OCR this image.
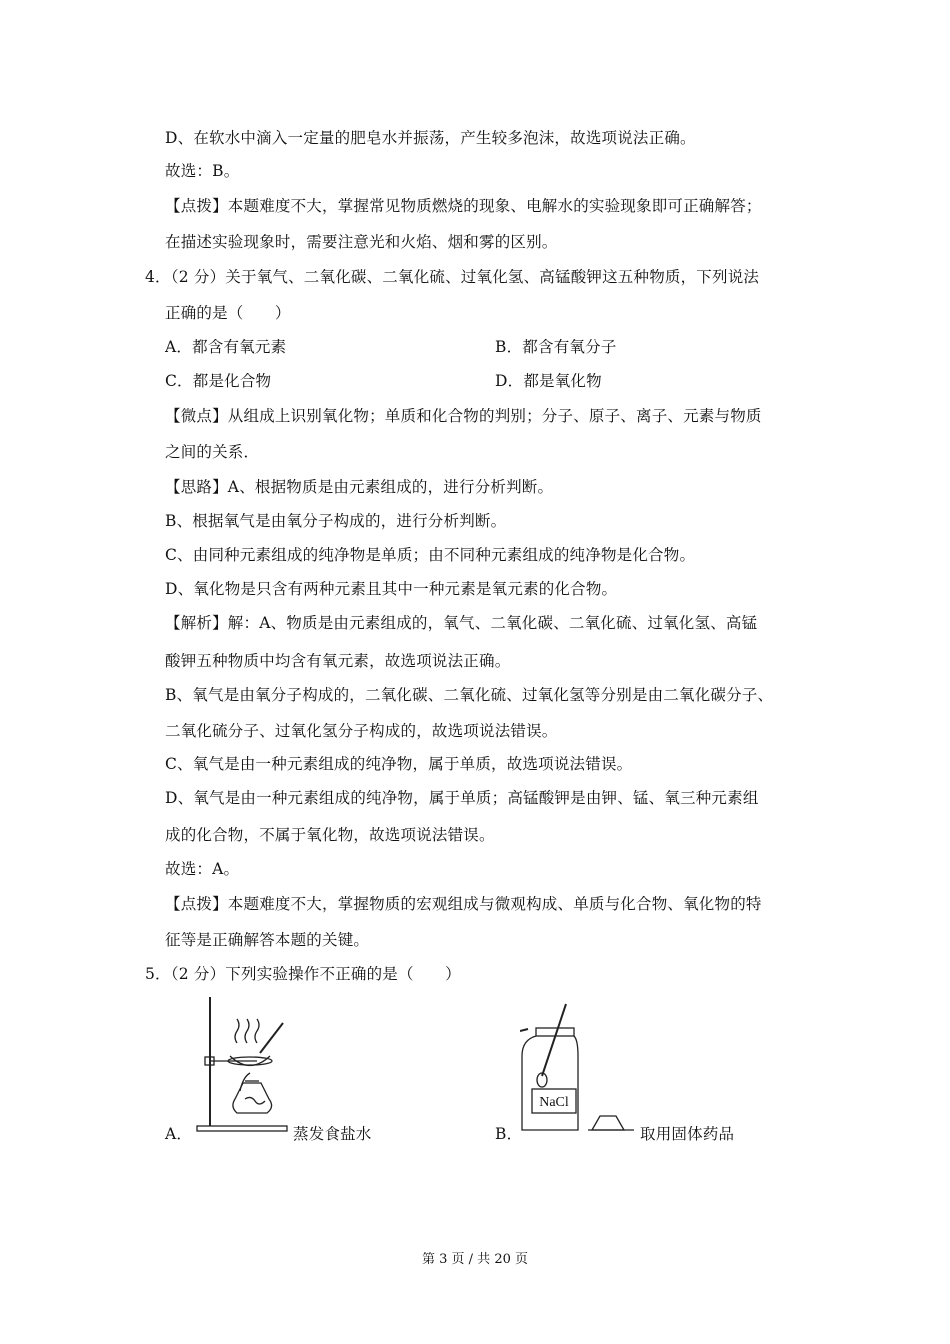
D、在软水中滴入一定量的肥皂水并振荡，产生较多泡沫，故选项说法正确。
故选：B。
【点拨】本题难度不大，掌握常见物质燃烧的现象、电解水的实验现象即可正确解答；
在描述实验现象时，需要注意光和火焰、烟和雾的区别。
4．（2 分）关于氧气、二氧化碳、二氧化硫、过氧化氢、高锰酸钾这五种物质，下列说法
正确的是（　　）
A．都含有氧元素	B．都含有氧分子
C．都是化合物	D．都是氧化物
【微点】从组成上识别氧化物；单质和化合物的判别；分子、原子、离子、元素与物质
之间的关系．
【思路】A、根据物质是由元素组成的，进行分析判断。
B、根据氧气是由氧分子构成的，进行分析判断。
C、由同种元素组成的纯净物是单质；由不同种元素组成的纯净物是化合物。
D、氧化物是只含有两种元素且其中一种元素是氧元素的化合物。
【解析】解：A、物质是由元素组成的，氧气、二氧化碳、二氧化硫、过氧化氢、高锰
酸钾五种物质中均含有氧元素，故选项说法正确。
B、氧气是由氧分子构成的，二氧化碳、二氧化硫、过氧化氢等分别是由二氧化碳分子、
二氧化硫分子、过氧化氢分子构成的，故选项说法错误。
C、氧气是由一种元素组成的纯净物，属于单质，故选项说法错误。
D、氧气是由一种元素组成的纯净物，属于单质；高锰酸钾是由钾、锰、氧三种元素组
成的化合物，不属于氧化物，故选项说法错误。
故选：A。
【点拨】本题难度不大，掌握物质的宏观组成与微观构成、单质与化合物、氧化物的特
征等是正确解答本题的关键。
5．（2 分）下列实验操作不正确的是（　　）
A．	蒸发食盐水	B．
NaCl
取用固体药品
第 3 页 / 共 20 页
